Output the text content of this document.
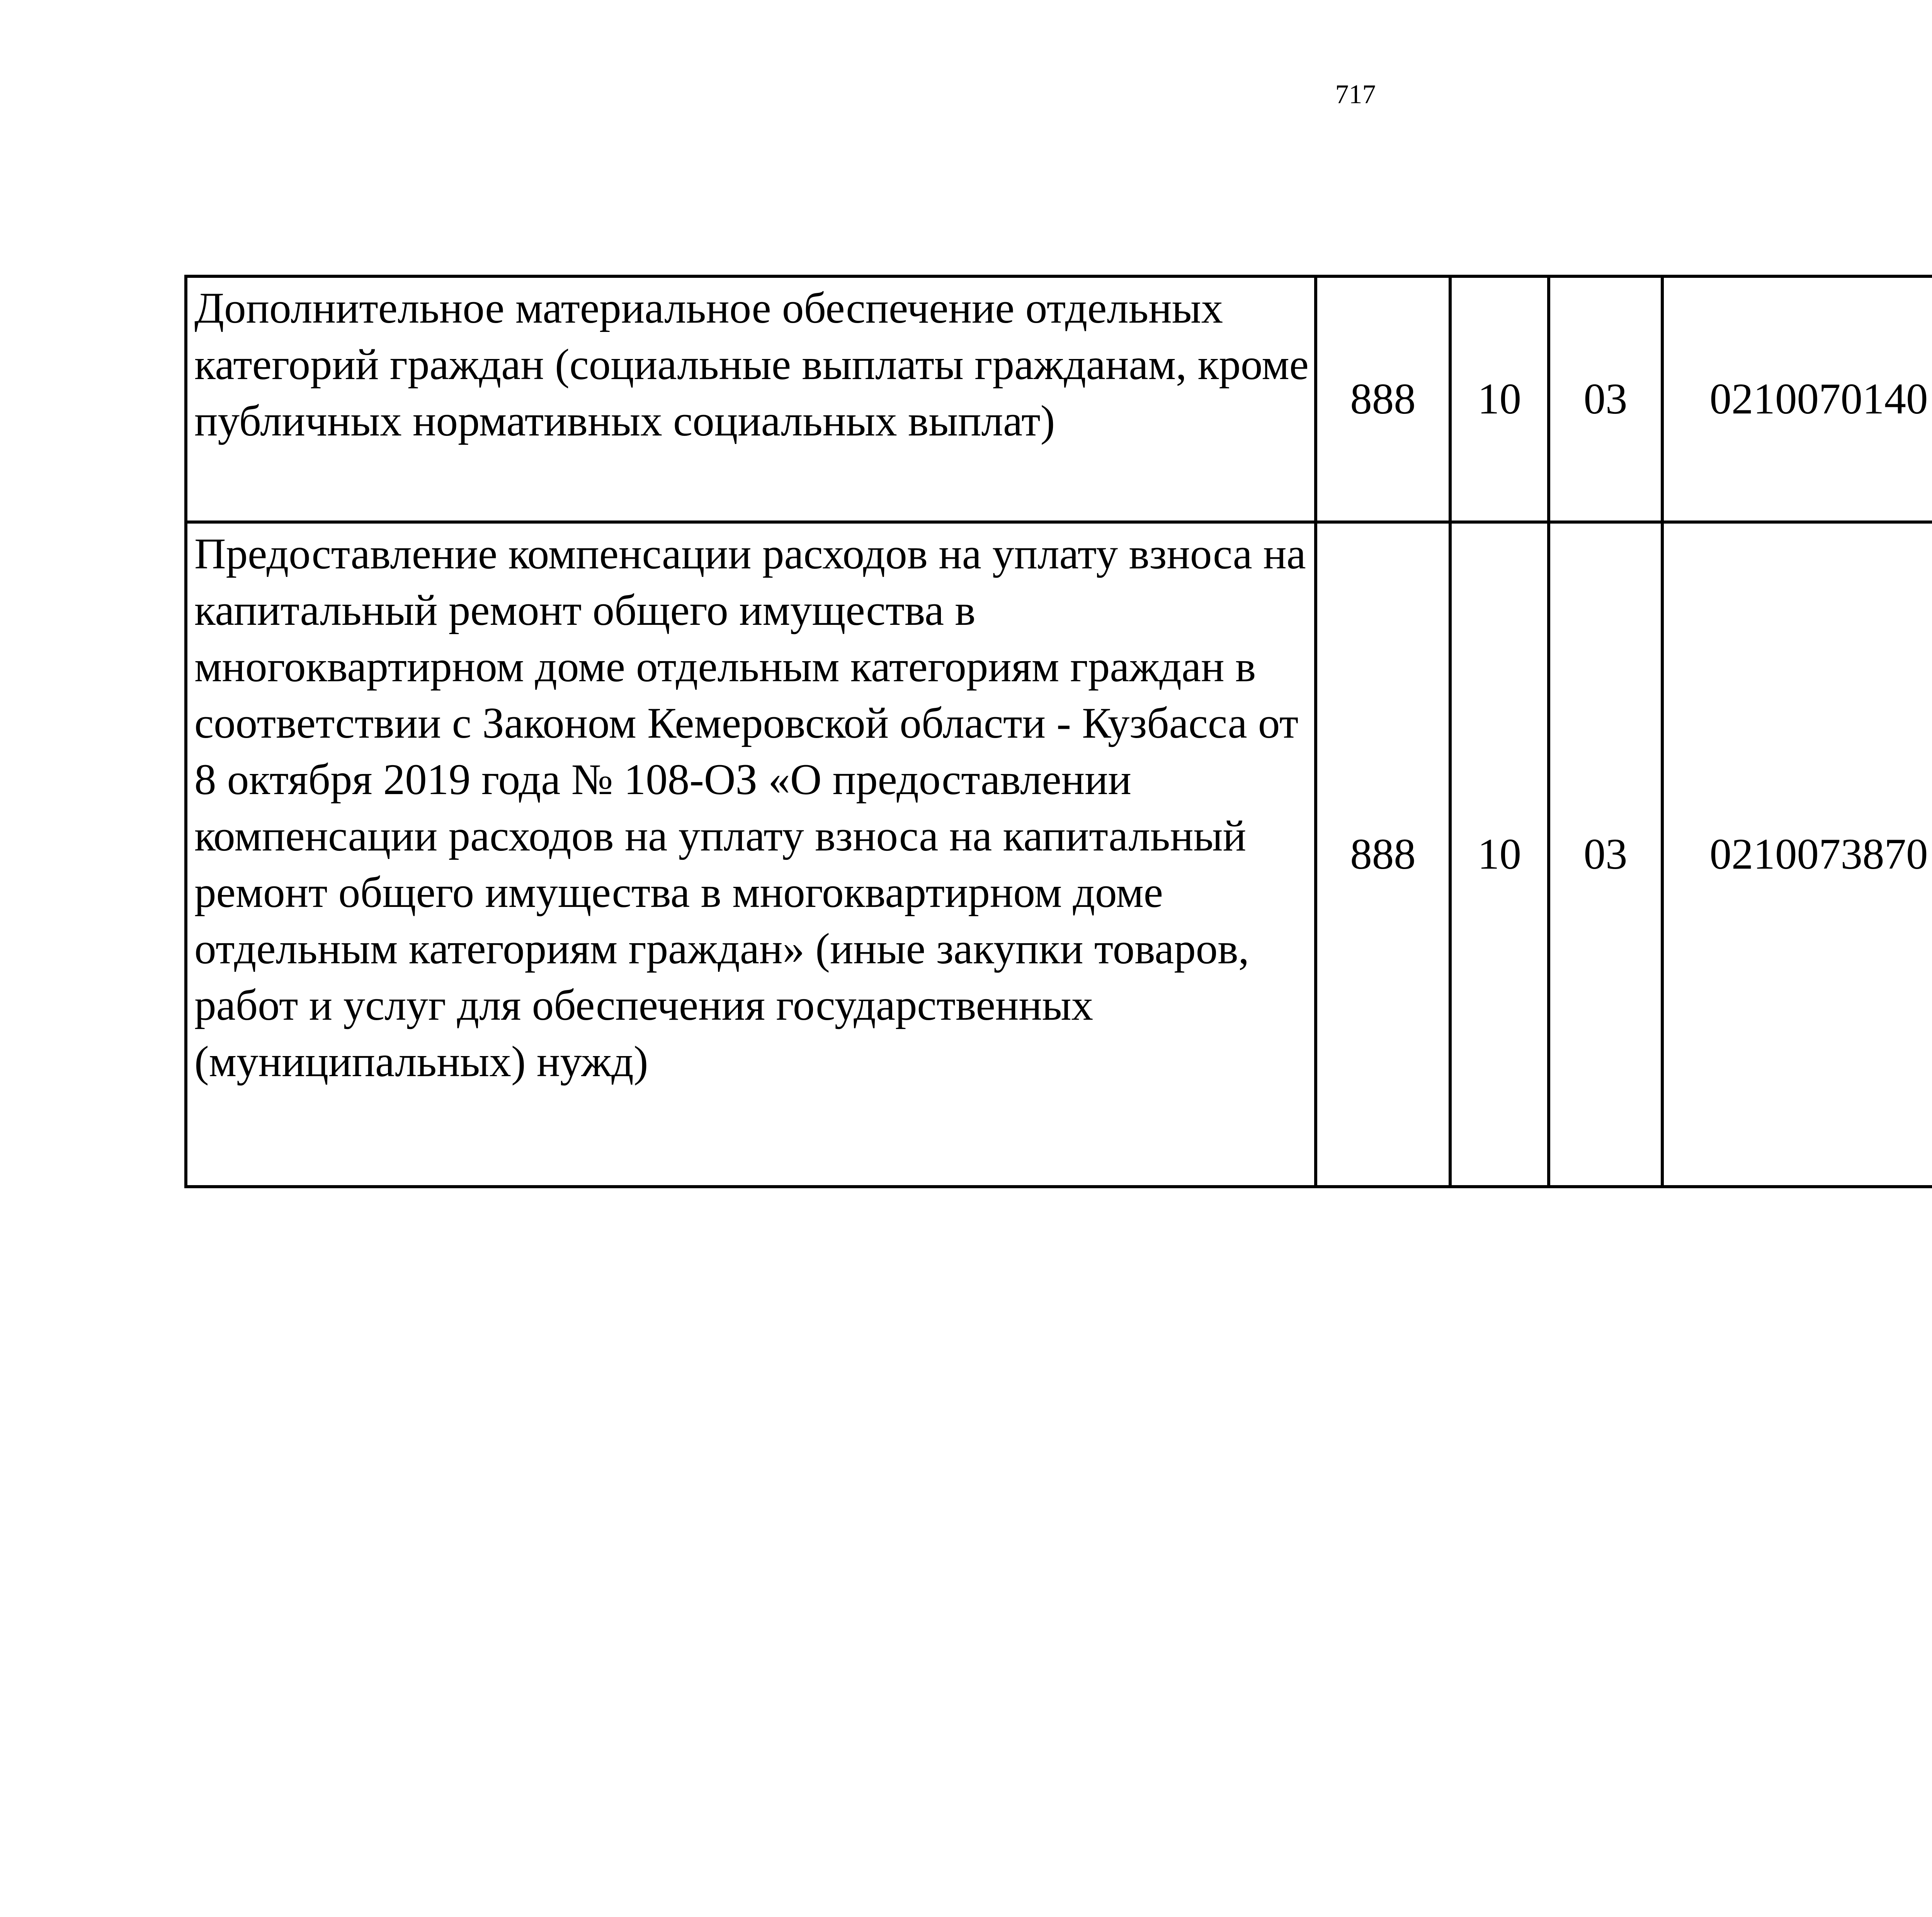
717
Дополнительное материальное обеспечение отдельных категорий граждан (социальные выплаты гражданам, кроме публичных нормативных социальных выплат)	888	10	03	0210070140		

Предоставление компенсации расходов на уплату взноса на капитальный ремонт общего имущества в многоквартирном доме отдельным категориям граждан в соответствии с Законом Кемеровской области - Кузбасса от 8 октября 2019 года № 108-ОЗ «О предоставлении компенсации расходов на уплату взноса на капитальный ремонт общего имущества в многоквартирном доме отдельным категориям граждан» (иные закупки товаров, работ и услуг для обеспечения государственных (муниципальных) нужд)	888	10	03	0210073870		
